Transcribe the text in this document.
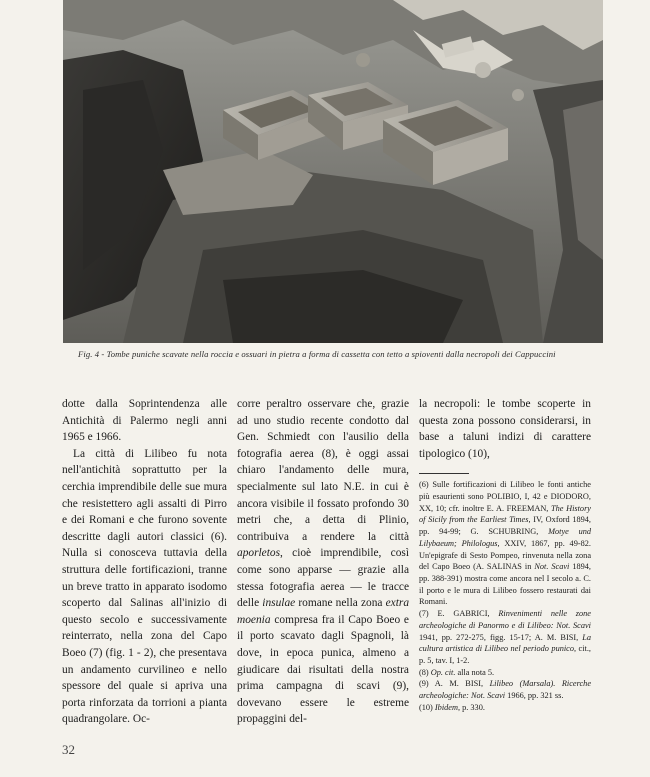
Fig. 4 - Tombe puniche scavate nella roccia e ossuari in pietra a forma di cassetta con tetto a spioventi dalla necropoli dei Cappuccini

dotte dalla Soprintendenza alle Antichità di Palermo negli anni 1965 e 1966.

La città di Lilibeo fu nota nell'antichità soprattutto per la cerchia imprendibile delle sue mura che resistettero agli assalti di Pirro e dei Romani e che furono sovente descritte dagli autori classici (6). Nulla si conosceva tuttavia della struttura delle fortificazioni, tranne un breve tratto in apparato isodomo scoperto dal Salinas all'inizio di questo secolo e successivamente reinterrato, nella zona del Capo Boeo (7) (fig. 1 - 2), che presentava un andamento curvilineo e nello spessore del quale si apriva una porta rinforzata da torrioni a pianta quadrangolare. Oc-

corre peraltro osservare che, grazie ad uno studio recente condotto dal Gen. Schmiedt con l'ausilio della fotografia aerea (8), è oggi assai chiaro l'andamento delle mura, specialmente sul lato N.E. in cui è ancora visibile il fossato profondo 30 metri che, a detta di Plinio, contribuiva a rendere la città aporletos, cioè imprendibile, così come sono apparse — grazie alla stessa fotografia aerea — le tracce delle insulae romane nella zona extra moenia compresa fra il Capo Boeo e il porto scavato dagli Spagnoli, là dove, in epoca punica, almeno a giudicare dai risultati della nostra prima campagna di scavi (9), dovevano essere le estreme propaggini del-

la necropoli: le tombe scoperte in questa zona possono considerarsi, in base a taluni indizi di carattere tipologico (10),

(6) Sulle fortificazioni di Lilibeo le fonti antiche più esaurienti sono POLIBIO, I, 42 e DIODORO, XX, 10; cfr. inoltre E. A. FREEMAN, The History of Sicily from the Earliest Times, IV, Oxford 1894, pp. 94-99; G. SCHUBRING, Motye und Lilybaeum; Philologus, XXIV, 1867, pp. 49-82. Un'epigrafe di Sesto Pompeo, rinvenuta nella zona del Capo Boeo (A. SALINAS in Not. Scavi 1894, pp. 388-391) mostra come ancora nel I secolo a. C. il porto e le mura di Lilibeo fossero restaurati dai Romani.

(7) E. GABRICI, Rinvenimenti nelle zone archeologiche di Panormo e di Lilibeo: Not. Scavi 1941, pp. 272-275, figg. 15-17; A. M. BISI, La cultura artistica di Lilibeo nel periodo punico, cit., p. 5, tav. I, 1-2.

(8) Op. cit. alla nota 5.

(9) A. M. BISI, Lilibeo (Marsala). Ricerche archeologiche: Not. Scavi 1966, pp. 321 ss.

(10) Ibidem, p. 330.

32
